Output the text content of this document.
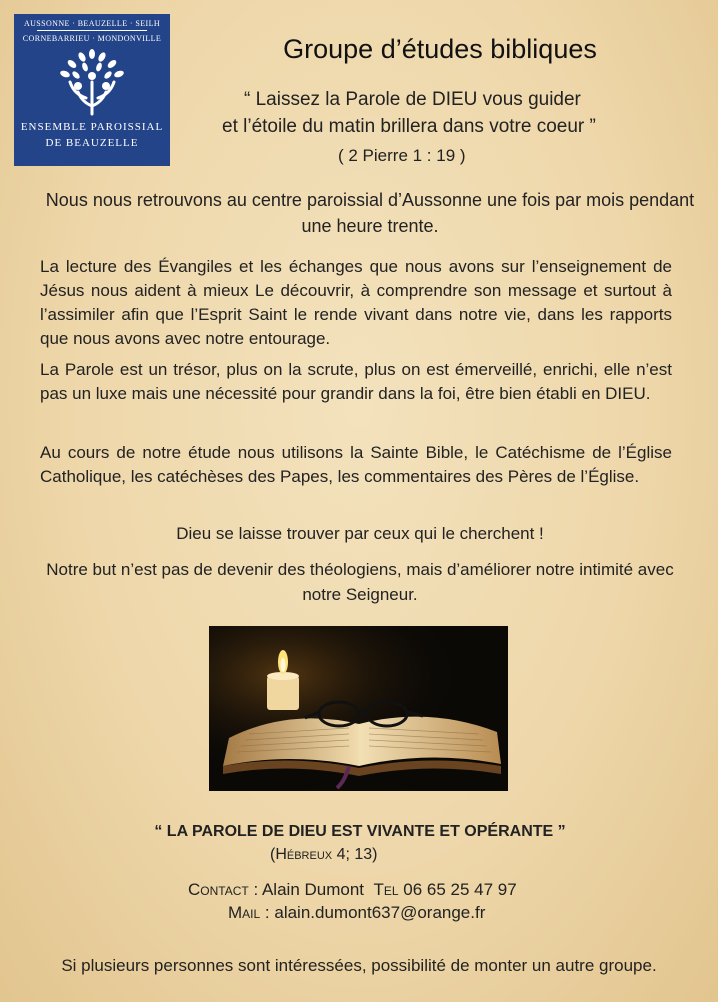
AUSSONNE · BEAUZELLE · SEILH
CORNEBARRIEU · MONDONVILLE
ENSEMBLE PAROISSIAL
DE BEAUZELLE
Groupe d’études bibliques
“ Laissez la Parole de DIEU vous guider
et l’étoile du matin brillera dans votre coeur ”
( 2 Pierre 1 : 19 )
Nous nous retrouvons au centre paroissial d’Aussonne une fois par mois pendant une heure trente.
La lecture des Évangiles et les échanges que nous avons sur l’enseignement de Jésus nous aident à mieux Le découvrir, à comprendre son message et surtout à l’assimiler afin que l’Esprit Saint le rende vivant dans notre vie, dans les rapports que nous avons avec notre entourage.
La Parole est un trésor, plus on la scrute, plus on est émerveillé, enrichi, elle n’est pas un luxe mais une nécessité pour grandir dans la foi, être bien établi en DIEU.
Au cours de notre étude nous utilisons la Sainte Bible, le Catéchisme de l’Église Catholique, les catéchèses des Papes, les commentaires des Pères de l’Église.
Dieu se laisse trouver par ceux qui le cherchent !
Notre but n’est pas de devenir des théologiens, mais d’améliorer notre intimité avec notre Seigneur.
“ LA PAROLE DE DIEU EST VIVANTE ET OPÉRANTE ”
(Hébreux 4; 13)
Contact : Alain Dumont Tel 06 65 25 47 97
Mail : alain.dumont637@orange.fr
Si plusieurs personnes sont intéressées, possibilité de monter un autre groupe.
